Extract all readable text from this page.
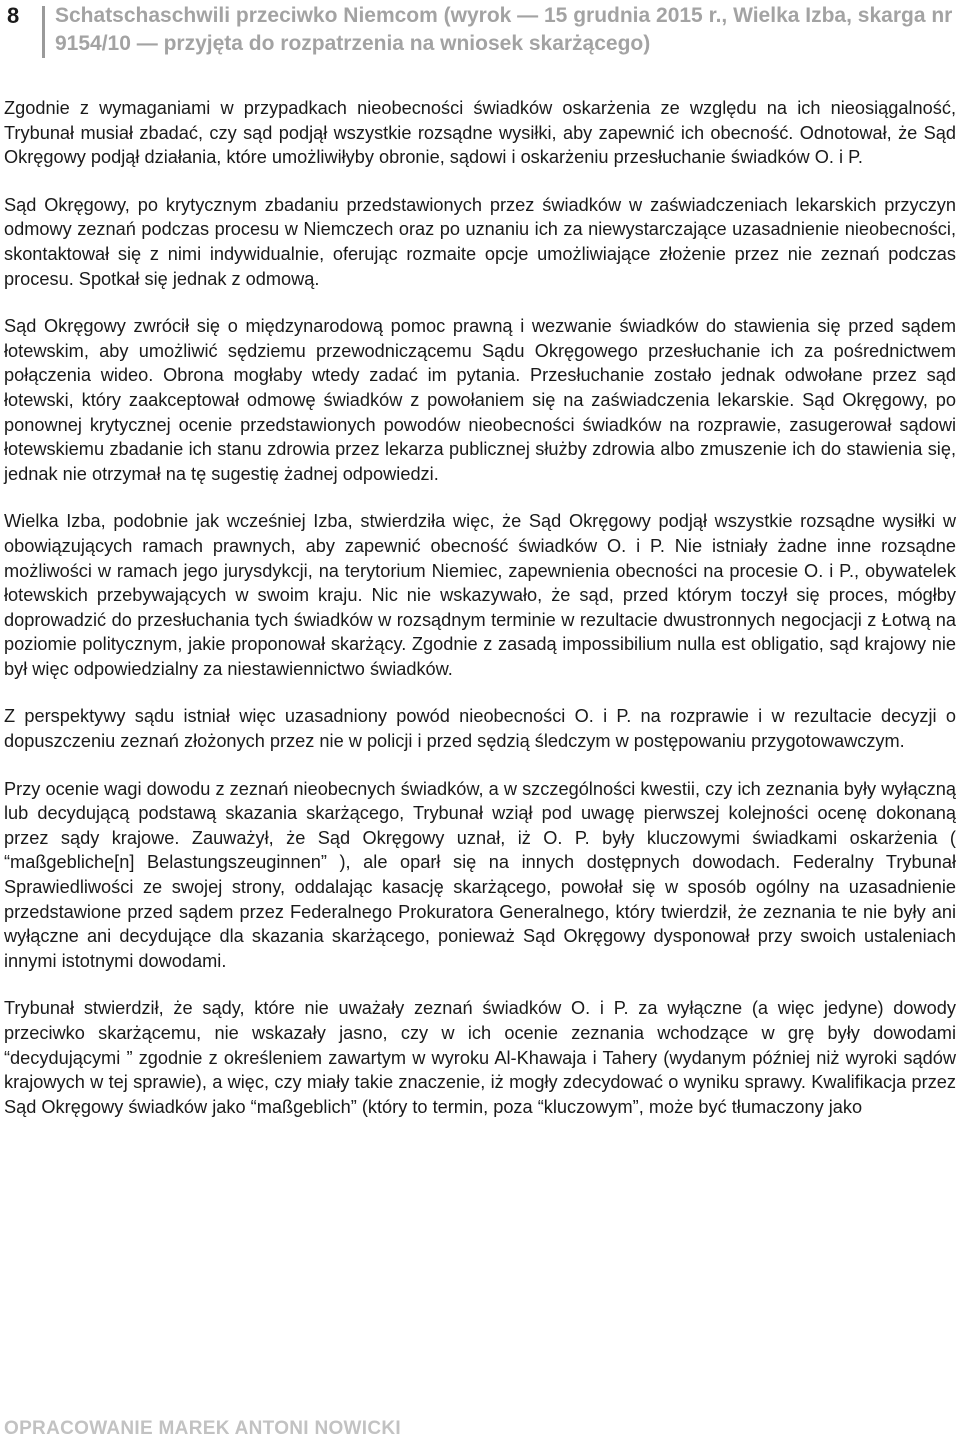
8 Schatschaschwili przeciwko Niemcom (wyrok — 15 grudnia 2015 r., Wielka Izba, skarga nr 9154/10 — przyjęta do rozpatrzenia na wniosek skarżącego)

Zgodnie z wymaganiami w przypadkach nieobecności świadków oskarżenia ze względu na ich nieosiągalność, Trybunał musiał zbadać, czy sąd podjął wszystkie rozsądne wysiłki, aby zapewnić ich obecność. Odnotował, że Sąd Okręgowy podjął działania, które umożliwiłyby obronie, sądowi i oskarżeniu przesłuchanie świadków O. i P.

Sąd Okręgowy, po krytycznym zbadaniu przedstawionych przez świadków w zaświadczeniach lekarskich przyczyn odmowy zeznań podczas procesu w Niemczech oraz po uznaniu ich za niewystarczające uzasadnienie nieobecności, skontaktował się z nimi indywidualnie, oferując rozmaite opcje umożliwiające złożenie przez nie zeznań podczas procesu. Spotkał się jednak z odmową.

Sąd Okręgowy zwrócił się o międzynarodową pomoc prawną i wezwanie świadków do stawienia się przed sądem łotewskim, aby umożliwić sędziemu przewodniczącemu Sądu Okręgowego przesłuchanie ich za pośrednictwem połączenia wideo. Obrona mogłaby wtedy zadać im pytania. Przesłuchanie zostało jednak odwołane przez sąd łotewski, który zaakceptował odmowę świadków z powołaniem się na zaświadczenia lekarskie. Sąd Okręgowy, po ponownej krytycznej ocenie przedstawionych powodów nieobecności świadków na rozprawie, zasugerował sądowi łotewskiemu zbadanie ich stanu zdrowia przez lekarza publicznej służby zdrowia albo zmuszenie ich do stawienia się, jednak nie otrzymał na tę sugestię żadnej odpowiedzi.

Wielka Izba, podobnie jak wcześniej Izba, stwierdziła więc, że Sąd Okręgowy podjął wszystkie rozsądne wysiłki w obowiązujących ramach prawnych, aby zapewnić obecność świadków O. i P. Nie istniały żadne inne rozsądne możliwości w ramach jego jurysdykcji, na terytorium Niemiec, zapewnienia obecności na procesie O. i P., obywatelek łotewskich przebywających w swoim kraju. Nic nie wskazywało, że sąd, przed którym toczył się proces, mógłby doprowadzić do przesłuchania tych świadków w rozsądnym terminie w rezultacie dwustronnych negocjacji z Łotwą na poziomie politycznym, jakie proponował skarżący. Zgodnie z zasadą impossibilium nulla est obligatio, sąd krajowy nie był więc odpowiedzialny za niestawiennictwo świadków.

Z perspektywy sądu istniał więc uzasadniony powód nieobecności O. i P. na rozprawie i w rezultacie decyzji o dopuszczeniu zeznań złożonych przez nie w policji i przed sędzią śledczym w postępowaniu przygotowawczym.

Przy ocenie wagi dowodu z zeznań nieobecnych świadków, a w szczególności kwestii, czy ich zeznania były wyłączną lub decydującą podstawą skazania skarżącego, Trybunał wziął pod uwagę pierwszej kolejności ocenę dokonaną przez sądy krajowe. Zauważył, że Sąd Okręgowy uznał, iż O. P. były kluczowymi świadkami oskarżenia ( “maßgebliche[n] Belastungszeuginnen” ), ale oparł się na innych dostępnych dowodach. Federalny Trybunał Sprawiedliwości ze swojej strony, oddalając kasację skarżącego, powołał się w sposób ogólny na uzasadnienie przedstawione przed sądem przez Federalnego Prokuratora Generalnego, który twierdził, że zeznania te nie były ani wyłączne ani decydujące dla skazania skarżącego, ponieważ Sąd Okręgowy dysponował przy swoich ustaleniach innymi istotnymi dowodami.

Trybunał stwierdził, że sądy, które nie uważały zeznań świadków O. i P. za wyłączne (a więc jedyne) dowody przeciwko skarżącemu, nie wskazały jasno, czy w ich ocenie zeznania wchodzące w grę były dowodami “decydującymi ” zgodnie z określeniem zawartym w wyroku Al-Khawaja i Tahery (wydanym później niż wyroki sądów krajowych w tej sprawie), a więc, czy miały takie znaczenie, iż mogły zdecydować o wyniku sprawy. Kwalifikacja przez Sąd Okręgowy świadków jako “maßgeblich” (który to termin, poza “kluczowym”, może być tłumaczony jako

OPRACOWANIE MAREK ANTONI NOWICKI
